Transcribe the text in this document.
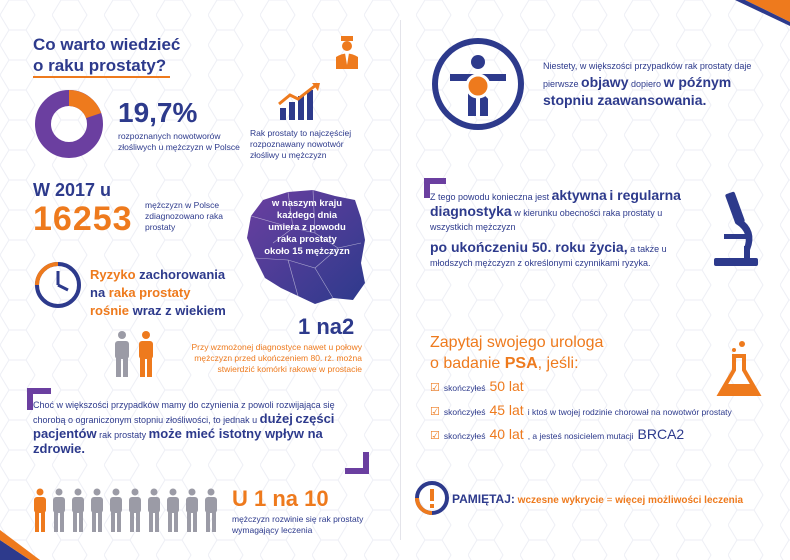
Co warto wiedzieć
o raku prostaty?
19,7%
rozpoznanych nowotworów złośliwych u mężczyzn w Polsce
Rak prostaty to najczęściej rozpoznawany nowotwór złośliwy u mężczyzn
W 2017 u
16253 mężczyzn w Polsce zdiagnozowano raka prostaty
w naszym kraju
każdego dnia
umiera z powodu
raka prostaty
około 15 mężczyzn
Ryzyko zachorowania
na raka prostaty
rośnie wraz z wiekiem
1 na2
Przy wzmożonej diagnostyce nawet u połowy mężczyzn przed ukończeniem 80. rż. można stwierdzić komórki rakowe w prostacie
Choć w większości przypadków mamy do czynienia z powoli rozwijająca się chorobą o ograniczonym stopniu złośliwości, to jednak u dużej części pacjentów rak prostaty może mieć istotny wpływ na zdrowie.
U 1 na 10
mężczyzn rozwinie się rak prostaty wymagający leczenia
Niestety, w większości przypadków rak prostaty daje pierwsze objawy dopiero w późnym stopniu zaawansowania.
Z tego powodu konieczna jest aktywna i regularna diagnostyka w kierunku obecności raka prostaty u wszystkich mężczyzn po ukończeniu 50. roku życia, a także u młodszych mężczyzn z określonymi czynnikami ryzyka.
Zapytaj swojego urologa
o badanie PSA, jeśli:
☑ skończyłeś 50 lat
☑ skończyłeś 45 lat i ktoś w twojej rodzinie chorował na nowotwór prostaty
☑ skończyłeś 40 lat , a jesteś nosicielem mutacji BRCA2
PAMIĘTAJ: wczesne wykrycie = więcej możliwości leczenia
